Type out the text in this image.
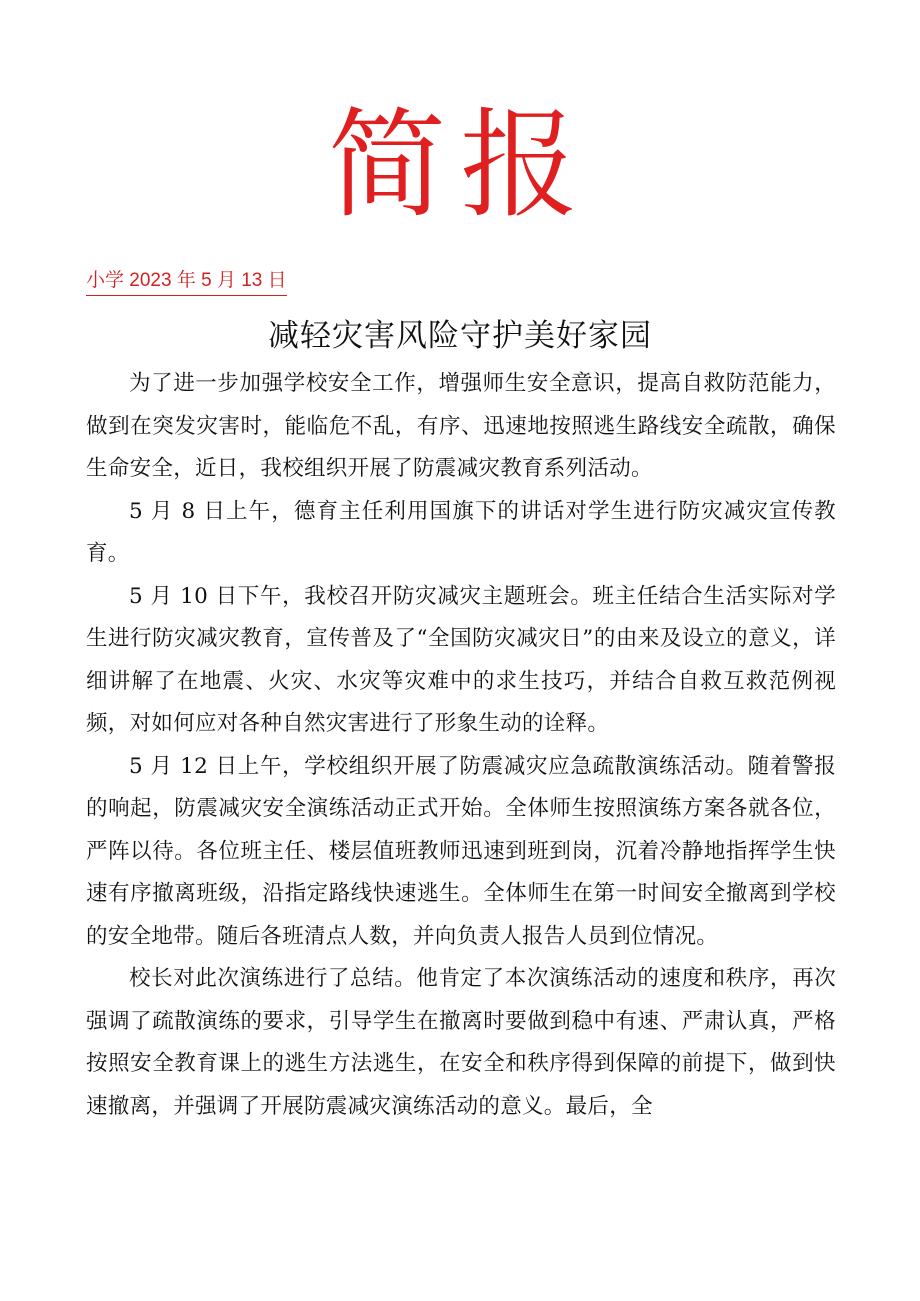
简报
小学 2023 年 5 月 13 日
减轻灾害风险守护美好家园

为了进一步加强学校安全工作，增强师生安全意识，提高自救防范能力，做到在突发灾害时，能临危不乱，有序、迅速地按照逃生路线安全疏散，确保生命安全，近日，我校组织开展了防震减灾教育系列活动。

5 月 8 日上午，德育主任利用国旗下的讲话对学生进行防灾减灾宣传教育。

5 月 10 日下午，我校召开防灾减灾主题班会。班主任结合生活实际对学生进行防灾减灾教育，宣传普及了“全国防灾减灾日”的由来及设立的意义，详细讲解了在地震、火灾、水灾等灾难中的求生技巧，并结合自救互救范例视频，对如何应对各种自然灾害进行了形象生动的诠释。

5 月 12 日上午，学校组织开展了防震减灾应急疏散演练活动。随着警报的响起，防震减灾安全演练活动正式开始。全体师生按照演练方案各就各位，严阵以待。各位班主任、楼层值班教师迅速到班到岗，沉着冷静地指挥学生快速有序撤离班级，沿指定路线快速逃生。全体师生在第一时间安全撤离到学校的安全地带。随后各班清点人数，并向负责人报告人员到位情况。

校长对此次演练进行了总结。他肯定了本次演练活动的速度和秩序，再次强调了疏散演练的要求，引导学生在撤离时要做到稳中有速、严肃认真，严格按照安全教育课上的逃生方法逃生，在安全和秩序得到保障的前提下，做到快速撤离，并强调了开展防震减灾演练活动的意义。最后，全
